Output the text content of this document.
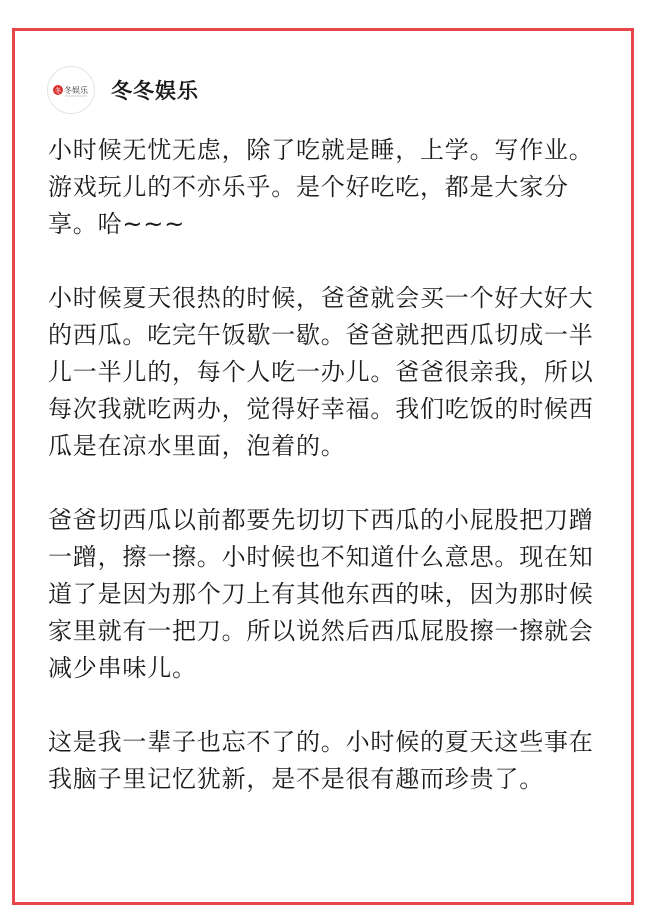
冬 冬娱乐 冬冬娱乐

小时候无忧无虑，除了吃就是睡，上学。写作业。游戏玩儿的不亦乐乎。是个好吃吃，都是大家分享。哈~~~

小时候夏天很热的时候，爸爸就会买一个好大好大的西瓜。吃完午饭歇一歇。爸爸就把西瓜切成一半儿一半儿的，每个人吃一办儿。爸爸很亲我，所以每次我就吃两办，觉得好幸福。我们吃饭的时候西瓜是在凉水里面，泡着的。

爸爸切西瓜以前都要先切切下西瓜的小屁股把刀蹭一蹭，擦一擦。小时候也不知道什么意思。现在知道了是因为那个刀上有其他东西的味，因为那时候家里就有一把刀。所以说然后西瓜屁股擦一擦就会减少串味儿。

这是我一辈子也忘不了的。小时候的夏天这些事在我脑子里记忆犹新，是不是很有趣而珍贵了。
